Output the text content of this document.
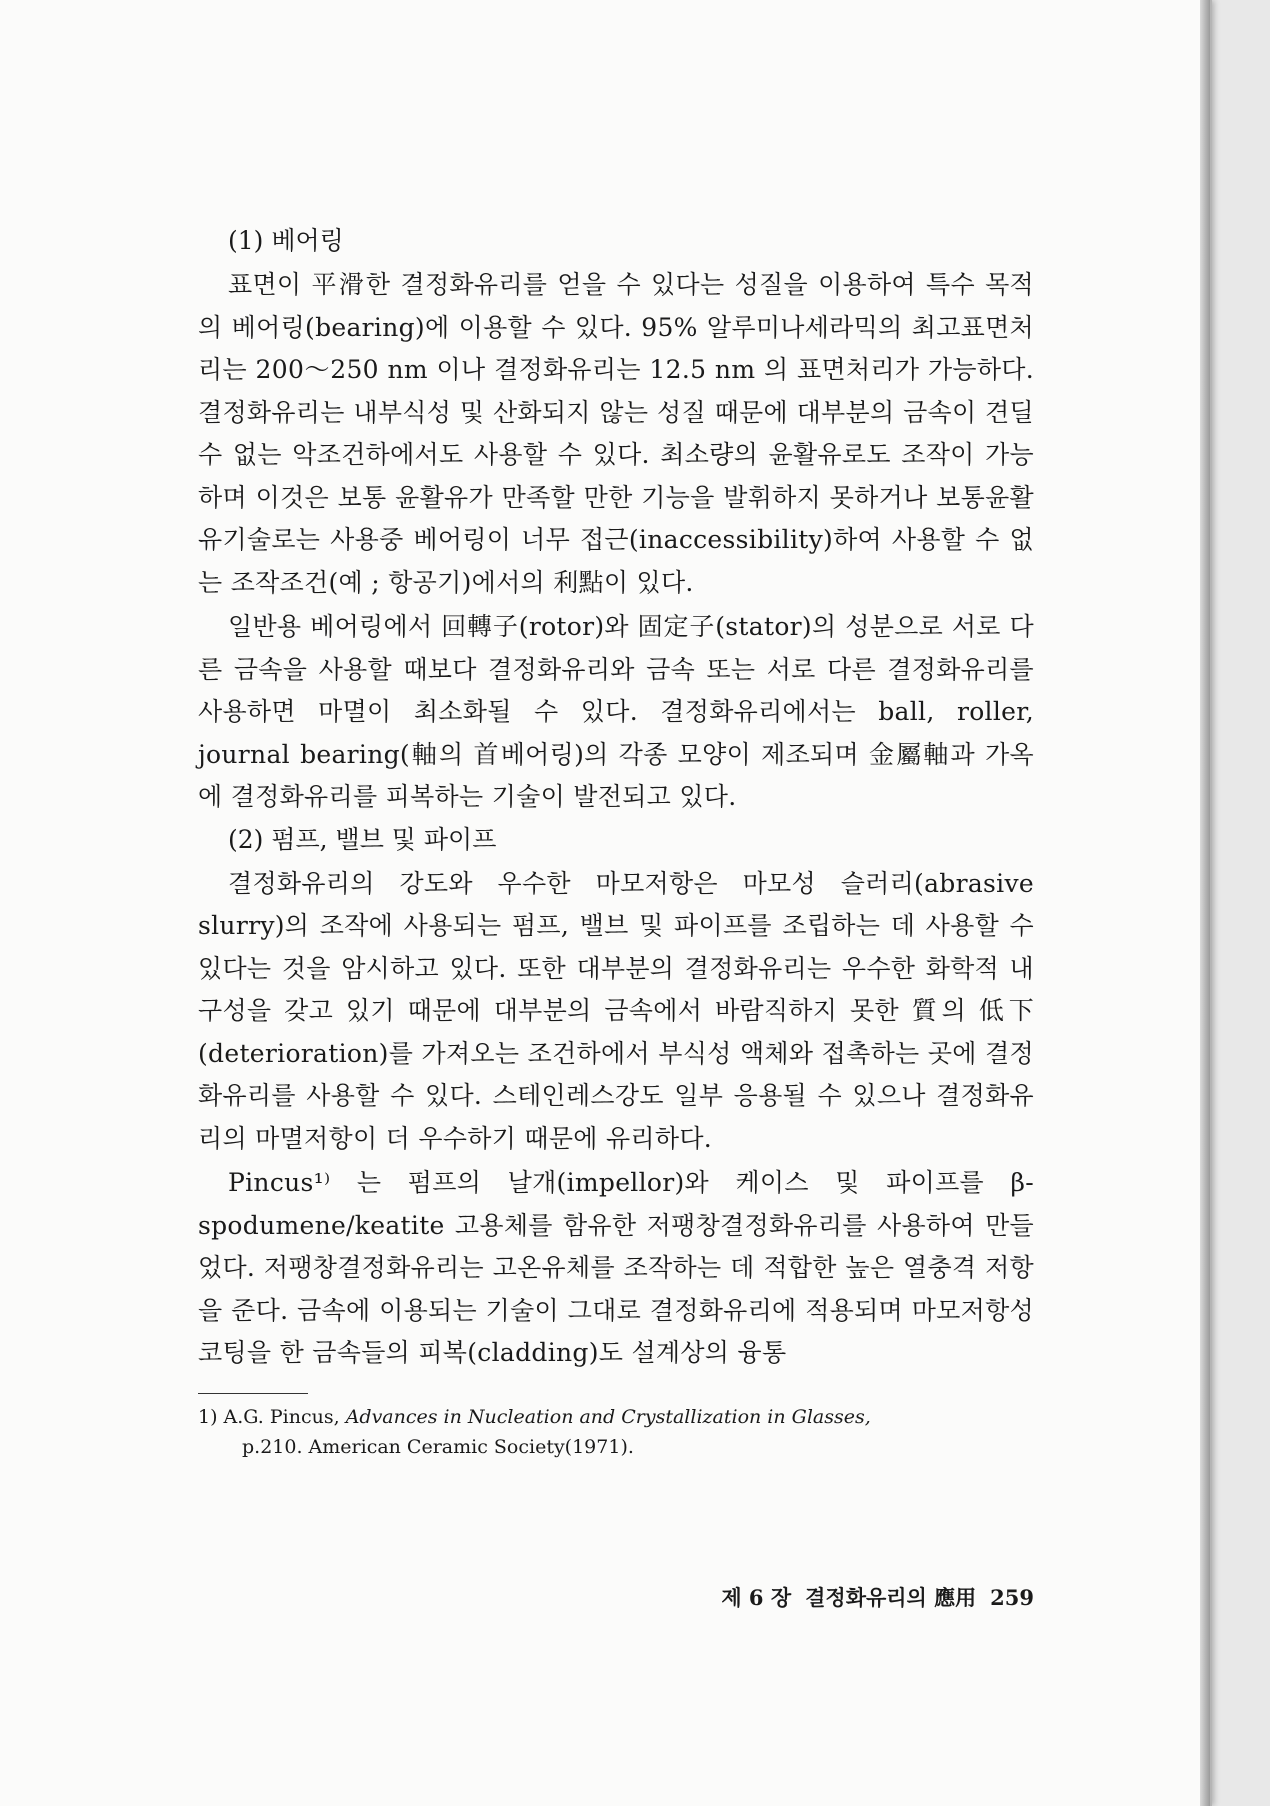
(1) 베어링

표면이 平滑한 결정화유리를 얻을 수 있다는 성질을 이용하여 특수 목적의 베어링(bearing)에 이용할 수 있다. 95% 알루미나세라믹의 최고표면처리는 200〜250 nm 이나 결정화유리는 12.5 nm 의 표면처리가 가능하다. 결정화유리는 내부식성 및 산화되지 않는 성질 때문에 대부분의 금속이 견딜 수 없는 악조건하에서도 사용할 수 있다. 최소량의 윤활유로도 조작이 가능하며 이것은 보통 윤활유가 만족할 만한 기능을 발휘하지 못하거나 보통윤활유기술로는 사용중 베어링이 너무 접근(inaccessibility)하여 사용할 수 없는 조작조건(예 ; 항공기)에서의 利點이 있다.

일반용 베어링에서 回轉子(rotor)와 固定子(stator)의 성분으로 서로 다른 금속을 사용할 때보다 결정화유리와 금속 또는 서로 다른 결정화유리를 사용하면 마멸이 최소화될 수 있다. 결정화유리에서는 ball, roller, journal bearing(軸의 首베어링)의 각종 모양이 제조되며 金屬軸과 가옥에 결정화유리를 피복하는 기술이 발전되고 있다.

(2) 펌프, 밸브 및 파이프

결정화유리의 강도와 우수한 마모저항은 마모성 슬러리(abrasive slurry)의 조작에 사용되는 펌프, 밸브 및 파이프를 조립하는 데 사용할 수 있다는 것을 암시하고 있다. 또한 대부분의 결정화유리는 우수한 화학적 내구성을 갖고 있기 때문에 대부분의 금속에서 바람직하지 못한 質의 低下(deterioration)를 가져오는 조건하에서 부식성 액체와 접촉하는 곳에 결정화유리를 사용할 수 있다. 스테인레스강도 일부 응용될 수 있으나 결정화유리의 마멸저항이 더 우수하기 때문에 유리하다.

Pincus¹⁾ 는 펌프의 날개(impellor)와 케이스 및 파이프를 β-spodumene/keatite 고용체를 함유한 저팽창결정화유리를 사용하여 만들었다. 저팽창결정화유리는 고온유체를 조작하는 데 적합한 높은 열충격 저항을 준다. 금속에 이용되는 기술이 그대로 결정화유리에 적용되며 마모저항성코팅을 한 금속들의 피복(cladding)도 설계상의 융통

1) A.G. Pincus, Advances in Nucleation and Crystallization in Glasses,
p.210. American Ceramic Society(1971).
제 6 장 결정화유리의 應用 259
